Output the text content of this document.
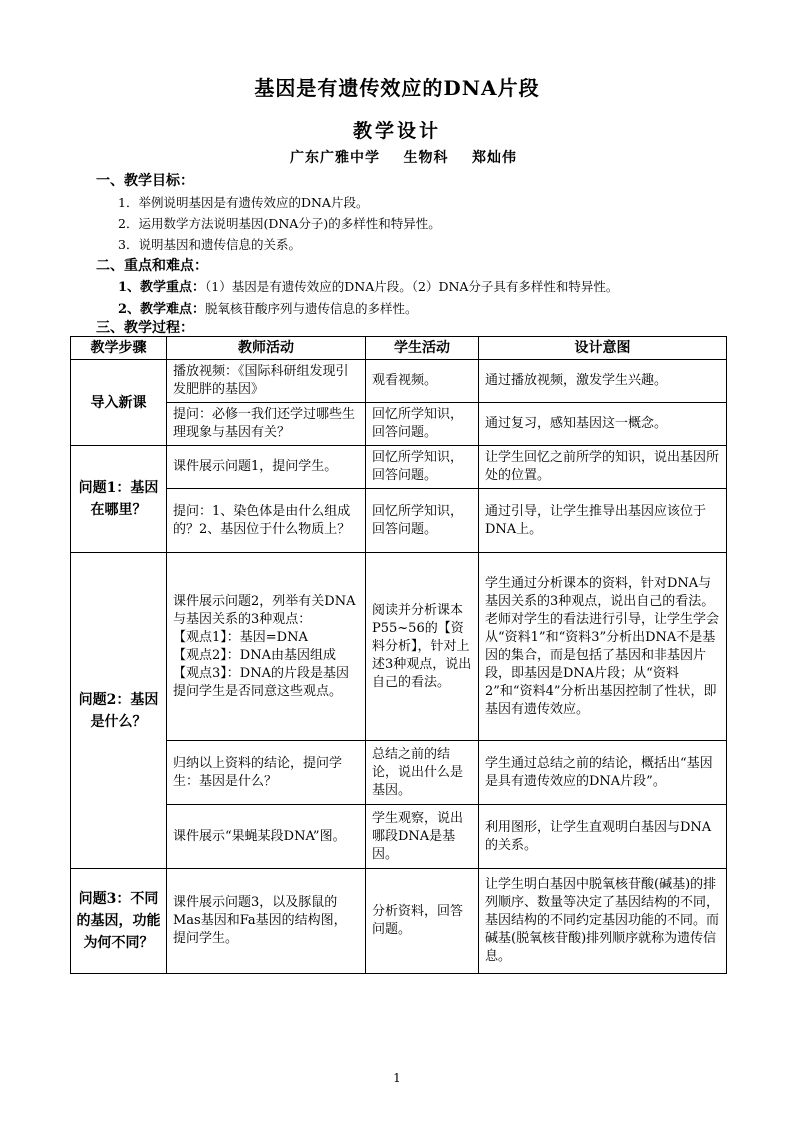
基因是有遗传效应的DNA片段
教学设计
广东广雅中学    生物科    郑灿伟
一、教学目标：
1．举例说明基因是有遗传效应的DNA片段。
2．运用数学方法说明基因(DNA分子)的多样性和特异性。
3．说明基因和遗传信息的关系。
二、重点和难点：
1、教学重点：（1）基因是有遗传效应的DNA片段。（2）DNA分子具有多样性和特异性。
2、教学难点：脱氧核苷酸序列与遗传信息的多样性。
三、教学过程：
教学步骤	教师活动	学生活动	设计意图
导入新课	播放视频：《国际科研组发现引发肥胖的基因》	观看视频。	通过播放视频，激发学生兴趣。
	提问：必修一我们还学过哪些生理现象与基因有关？	回忆所学知识，回答问题。	通过复习，感知基因这一概念。
问题1：基因在哪里？	课件展示问题1，提问学生。	回忆所学知识，回答问题。	让学生回忆之前所学的知识，说出基因所处的位置。
	提问：1、染色体是由什么组成的？2、基因位于什么物质上？	回忆所学知识，回答问题。	通过引导，让学生推导出基因应该位于DNA上。
问题2：基因是什么？	课件展示问题2，列举有关DNA与基因关系的3种观点：
【观点1】：基因=DNA
【观点2】：DNA由基因组成
【观点3】：DNA的片段是基因
提问学生是否同意这些观点。	阅读并分析课本P55~56的【资料分析】，针对上述3种观点，说出自己的看法。	学生通过分析课本的资料，针对DNA与基因关系的3种观点，说出自己的看法。老师对学生的看法进行引导，让学生学会从“资料1”和“资料3”分析出DNA不是基因的集合，而是包括了基因和非基因片段，即基因是DNA片段；从“资料2”和“资料4”分析出基因控制了性状，即基因有遗传效应。
	归纳以上资料的结论，提问学生：基因是什么？	总结之前的结论，说出什么是基因。	学生通过总结之前的结论，概括出“基因是具有遗传效应的DNA片段”。
	课件展示“果蝇某段DNA”图。	学生观察，说出哪段DNA是基因。	利用图形，让学生直观明白基因与DNA的关系。
问题3：不同的基因，功能为何不同？	课件展示问题3，以及豚鼠的Mas基因和Fa基因的结构图，提问学生。	分析资料，回答问题。	让学生明白基因中脱氧核苷酸(碱基)的排列顺序、数量等决定了基因结构的不同，基因结构的不同约定基因功能的不同。而碱基(脱氧核苷酸)排列顺序就称为遗传信息。
1
